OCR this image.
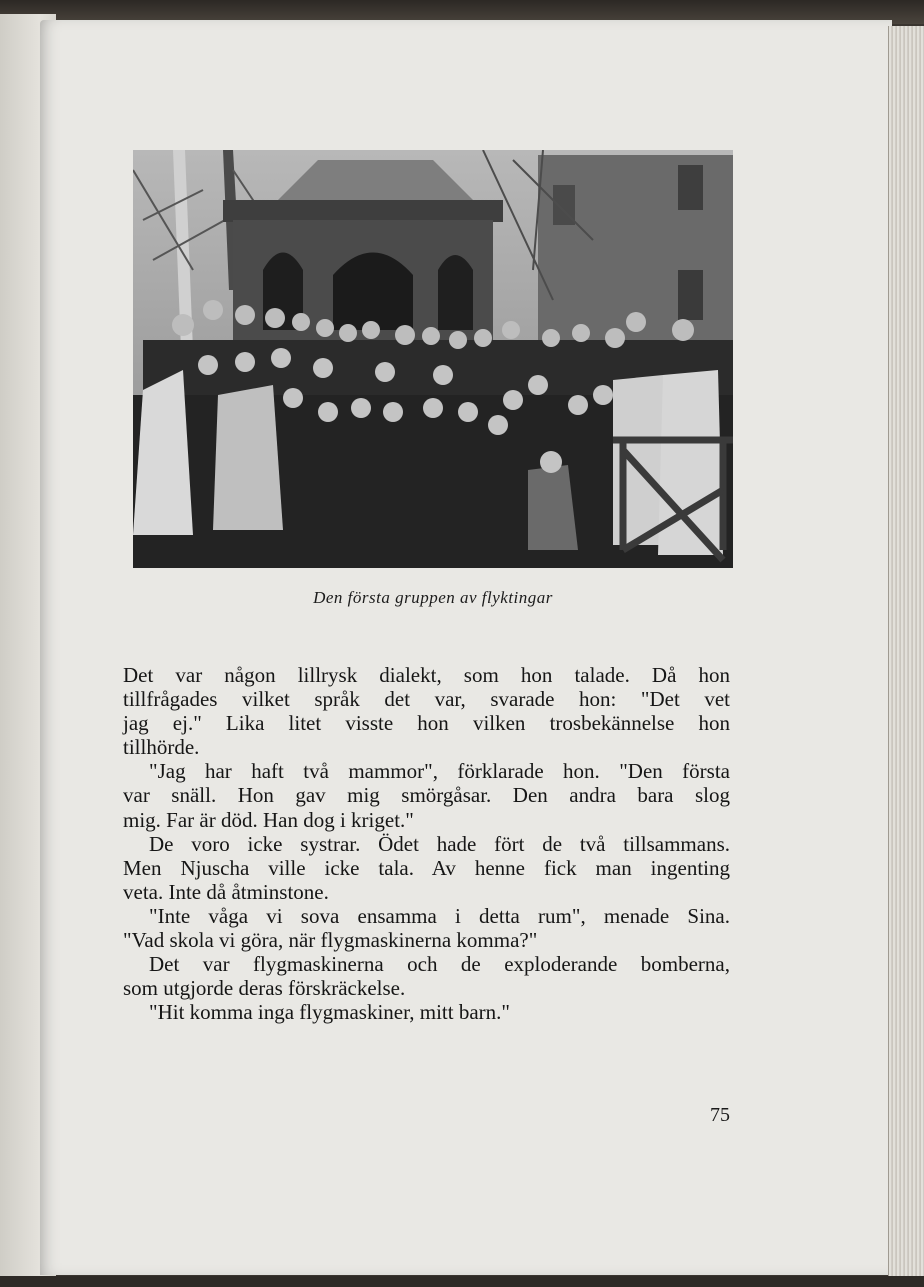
Den första gruppen av flyktingar
Det var någon lillrysk dialekt, som hon talade. Då hon
tillfrågades vilket språk det var, svarade hon: "Det vet
jag ej." Lika litet visste hon vilken trosbekännelse hon
tillhörde.
"Jag har haft två mammor", förklarade hon. "Den första
var snäll. Hon gav mig smörgåsar. Den andra bara slog
mig. Far är död. Han dog i kriget."
De voro icke systrar. Ödet hade fört de två tillsammans.
Men Njuscha ville icke tala. Av henne fick man ingenting
veta. Inte då åtminstone.
"Inte våga vi sova ensamma i detta rum", menade Sina.
"Vad skola vi göra, när flygmaskinerna komma?"
Det var flygmaskinerna och de exploderande bomberna,
som utgjorde deras förskräckelse.
"Hit komma inga flygmaskiner, mitt barn."
75
